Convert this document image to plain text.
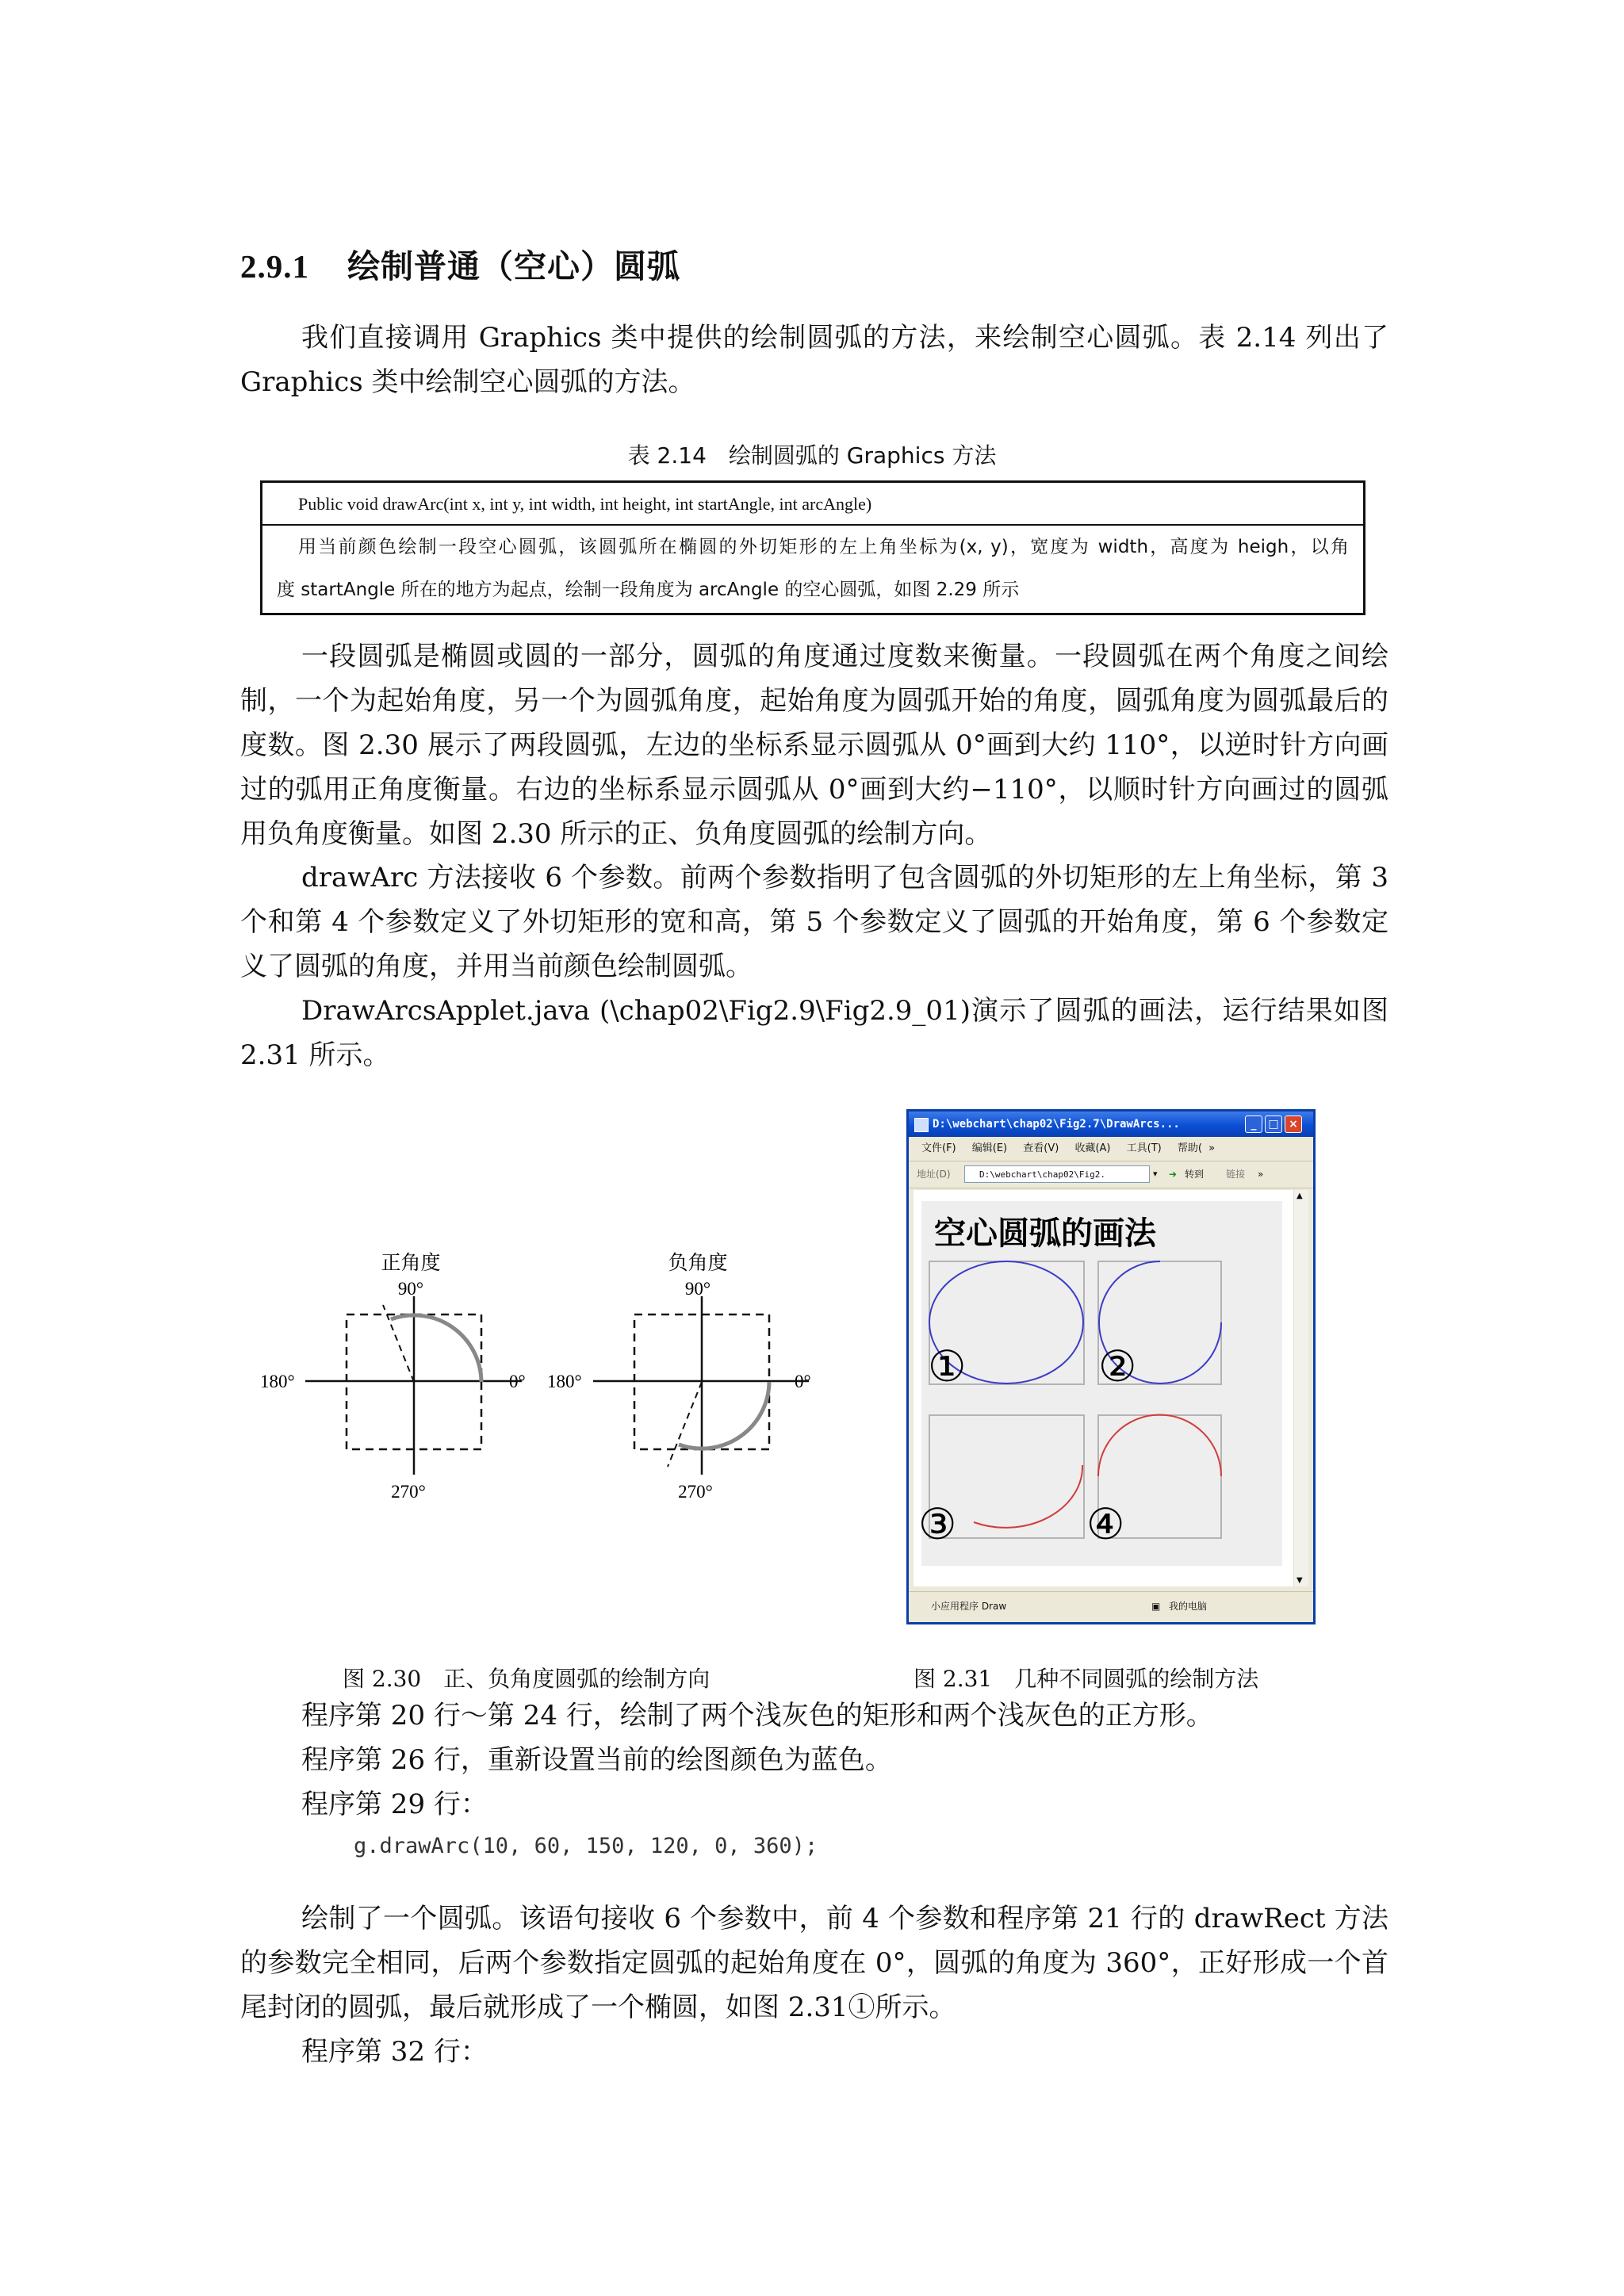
2.9.1 绘制普通（空心）圆弧
我们直接调用 Graphics 类中提供的绘制圆弧的方法，来绘制空心圆弧。表 2.14 列出了 Graphics 类中绘制空心圆弧的方法。
表 2.14　绘制圆弧的 Graphics 方法
Public void drawArc(int x, int y, int width, int height, int startAngle, int arcAngle)
用当前颜色绘制一段空心圆弧，该圆弧所在椭圆的外切矩形的左上角坐标为(x, y)，宽度为 width，高度为 heigh，以角
度 startAngle 所在的地方为起点，绘制一段角度为 arcAngle 的空心圆弧，如图 2.29 所示
一段圆弧是椭圆或圆的一部分，圆弧的角度通过度数来衡量。一段圆弧在两个角度之间绘制，一个为起始角度，另一个为圆弧角度，起始角度为圆弧开始的角度，圆弧角度为圆弧最后的度数。图 2.30 展示了两段圆弧，左边的坐标系显示圆弧从 0°画到大约 110°，以逆时针方向画过的弧用正角度衡量。右边的坐标系显示圆弧从 0°画到大约−110°，以顺时针方向画过的圆弧用负角度衡量。如图 2.30 所示的正、负角度圆弧的绘制方向。
drawArc 方法接收 6 个参数。前两个参数指明了包含圆弧的外切矩形的左上角坐标，第 3 个和第 4 个参数定义了外切矩形的宽和高，第 5 个参数定义了圆弧的开始角度，第 6 个参数定义了圆弧的角度，并用当前颜色绘制圆弧。
DrawArcsApplet.java (\chap02\Fig2.9\Fig2.9_01)演示了圆弧的画法，运行结果如图 2.31 所示。
正角度
90°
180°	0°
270°
负角度
90°
180°	0°
270°
D:\webchart\chap02\Fig2.7\DrawArcs...	_	□ ×
文件(F) 编辑(E) 查看(V) 收藏(A) 工具(T) 帮助( »
地址(D)	D:\webchart\chap02\Fig2.	▾ ➜ 转到 链接 »
空心圆弧的画法
①	②
③	④
▲
▼
小应用程序 Draw	▣ 我的电脑
图 2.30　正、负角度圆弧的绘制方向	图 2.31　几种不同圆弧的绘制方法
程序第 20 行～第 24 行，绘制了两个浅灰色的矩形和两个浅灰色的正方形。
程序第 26 行，重新设置当前的绘图颜色为蓝色。
程序第 29 行：
g.drawArc(10, 60, 150, 120, 0, 360);
绘制了一个圆弧。该语句接收 6 个参数中，前 4 个参数和程序第 21 行的 drawRect 方法的参数完全相同，后两个参数指定圆弧的起始角度在 0°，圆弧的角度为 360°，正好形成一个首尾封闭的圆弧，最后就形成了一个椭圆，如图 2.31①所示。
程序第 32 行：
